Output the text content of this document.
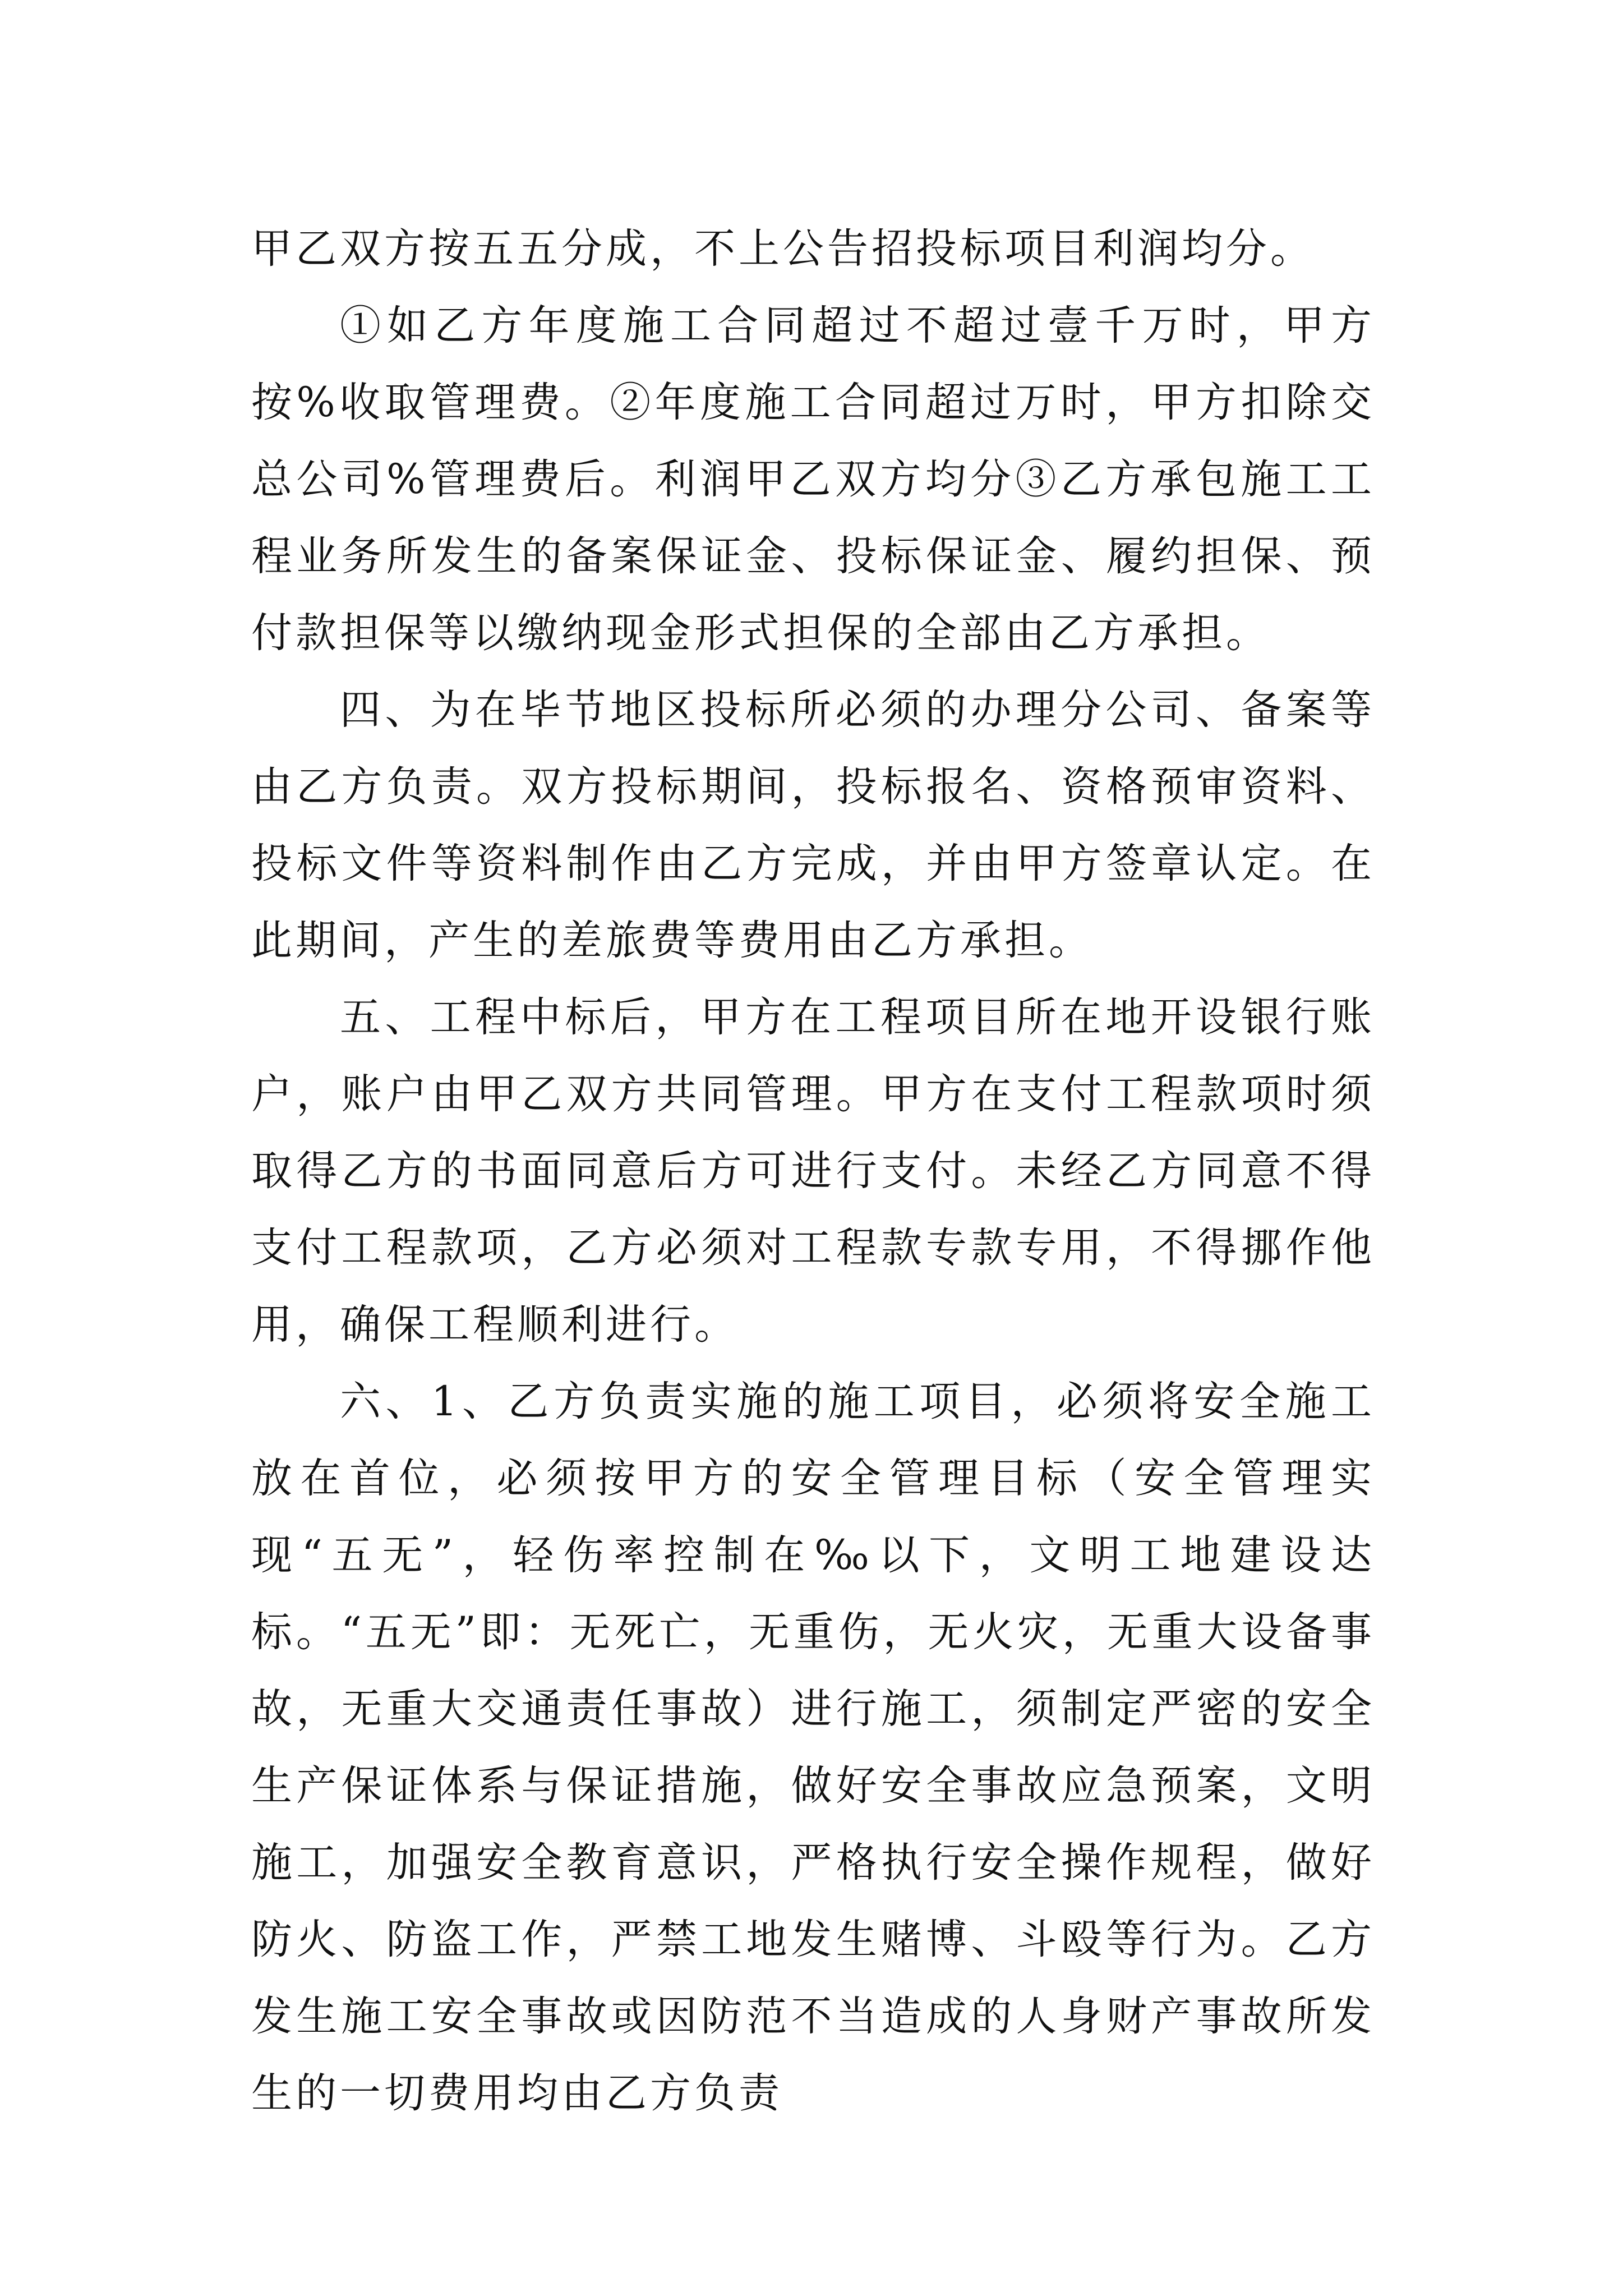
甲乙双方按五五分成，不上公告招投标项目利润均分。

①如乙方年度施工合同超过不超过壹千万时，甲方按%收取管理费。②年度施工合同超过万时，甲方扣除交总公司%管理费后。利润甲乙双方均分③乙方承包施工工程业务所发生的备案保证金、投标保证金、履约担保、预付款担保等以缴纳现金形式担保的全部由乙方承担。

四、为在毕节地区投标所必须的办理分公司、备案等由乙方负责。双方投标期间，投标报名、资格预审资料、投标文件等资料制作由乙方完成，并由甲方签章认定。在此期间，产生的差旅费等费用由乙方承担。

五、工程中标后，甲方在工程项目所在地开设银行账户，账户由甲乙双方共同管理。甲方在支付工程款项时须取得乙方的书面同意后方可进行支付。未经乙方同意不得支付工程款项，乙方必须对工程款专款专用，不得挪作他用，确保工程顺利进行。

六、1、乙方负责实施的施工项目，必须将安全施工放在首位，必须按甲方的安全管理目标（安全管理实现“五无”，轻伤率控制在‰以下，文明工地建设达标。“五无”即：无死亡，无重伤，无火灾，无重大设备事故，无重大交通责任事故）进行施工，须制定严密的安全生产保证体系与保证措施，做好安全事故应急预案，文明施工，加强安全教育意识，严格执行安全操作规程，做好防火、防盗工作，严禁工地发生赌博、斗殴等行为。乙方发生施工安全事故或因防范不当造成的人身财产事故所发生的一切费用均由乙方负责
